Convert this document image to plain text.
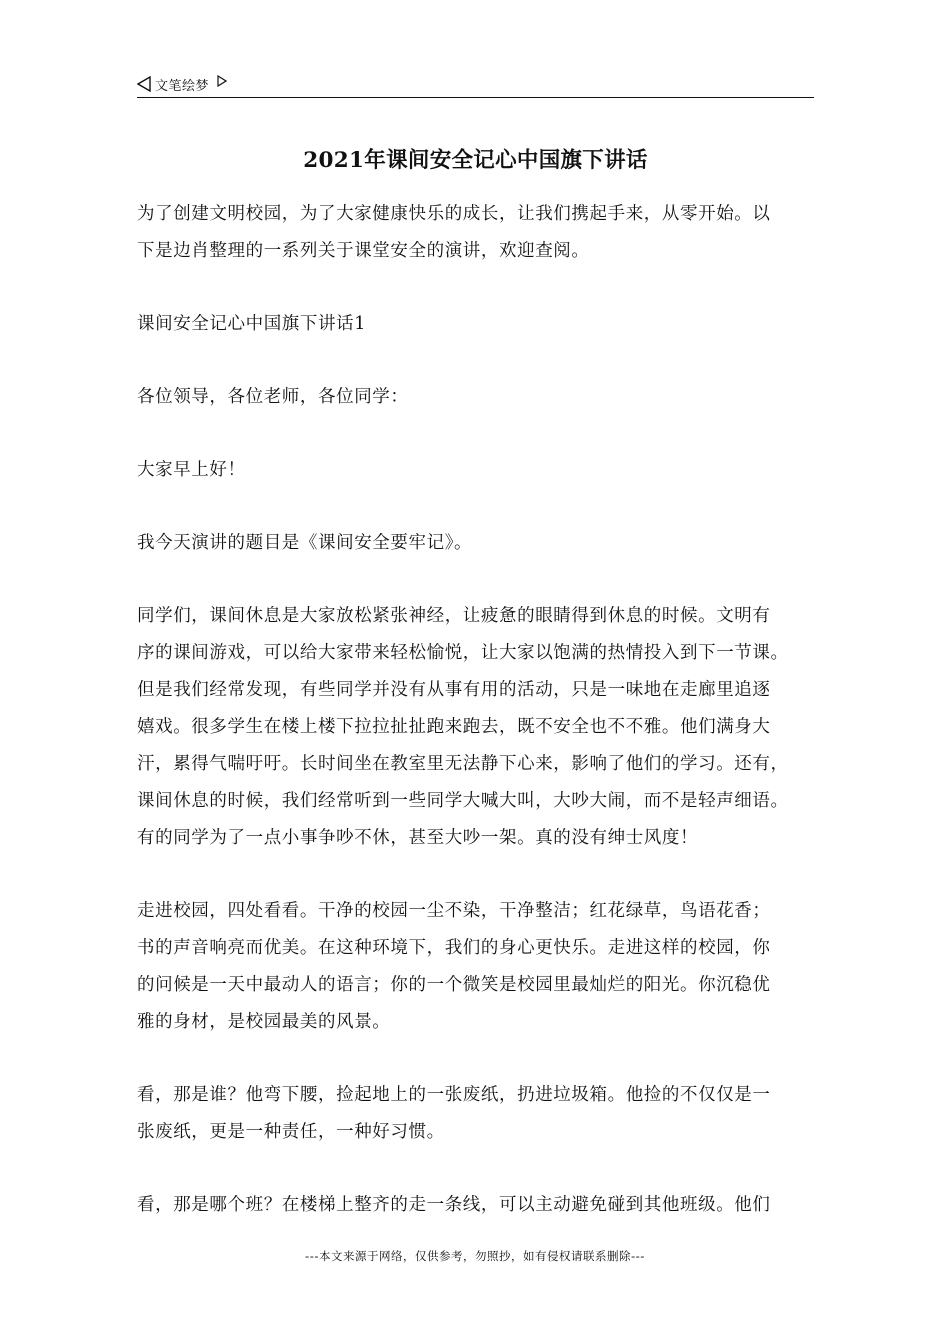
文笔绘梦
2021年课间安全记心中国旗下讲话

为了创建文明校园，为了大家健康快乐的成长，让我们携起手来，从零开始。以
下是边肖整理的一系列关于课堂安全的演讲，欢迎查阅。

课间安全记心中国旗下讲话1

各位领导，各位老师，各位同学：

大家早上好！

我今天演讲的题目是《课间安全要牢记》。

同学们，课间休息是大家放松紧张神经，让疲惫的眼睛得到休息的时候。文明有
序的课间游戏，可以给大家带来轻松愉悦，让大家以饱满的热情投入到下一节课。
但是我们经常发现，有些同学并没有从事有用的活动，只是一味地在走廊里追逐
嬉戏。很多学生在楼上楼下拉拉扯扯跑来跑去，既不安全也不不雅。他们满身大
汗，累得气喘吁吁。长时间坐在教室里无法静下心来，影响了他们的学习。还有，
课间休息的时候，我们经常听到一些同学大喊大叫，大吵大闹，而不是轻声细语。
有的同学为了一点小事争吵不休，甚至大吵一架。真的没有绅士风度！

走进校园，四处看看。干净的校园一尘不染，干净整洁；红花绿草，鸟语花香；
书的声音响亮而优美。在这种环境下，我们的身心更快乐。走进这样的校园，你
的问候是一天中最动人的语言；你的一个微笑是校园里最灿烂的阳光。你沉稳优
雅的身材，是校园最美的风景。

看，那是谁？他弯下腰，捡起地上的一张废纸，扔进垃圾箱。他捡的不仅仅是一
张废纸，更是一种责任，一种好习惯。

看，那是哪个班？在楼梯上整齐的走一条线，可以主动避免碰到其他班级。他们

---本文来源于网络，仅供参考，勿照抄，如有侵权请联系删除---
